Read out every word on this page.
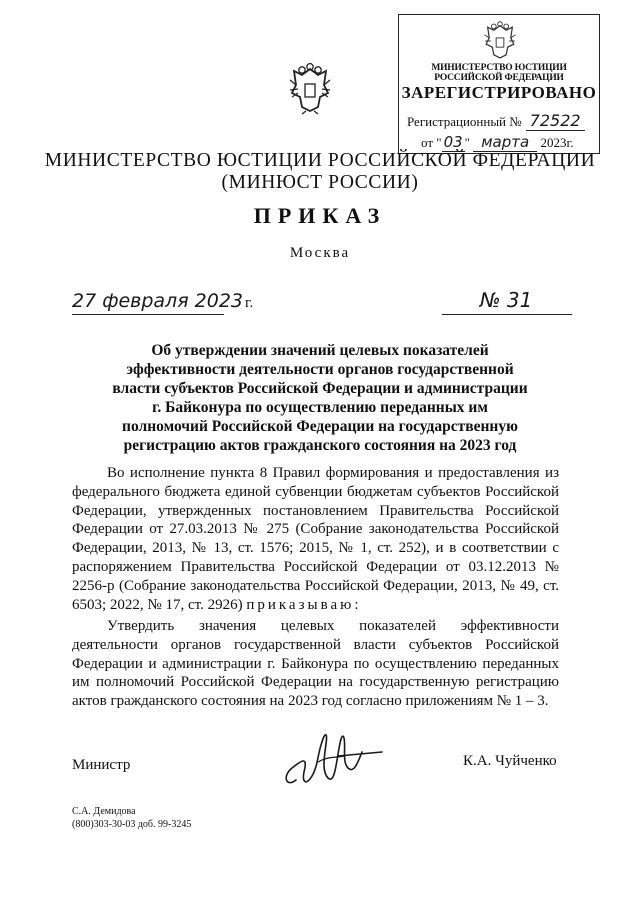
МИНИСТЕРСТВО ЮСТИЦИИ РОССИЙСКОЙ ФЕДЕРАЦИИ
ЗАРЕГИСТРИРОВАНО
Регистрационный № 72522
от " 03 " марта 2023г.
МИНИСТЕРСТВО ЮСТИЦИИ РОССИЙСКОЙ ФЕДЕРАЦИИ
(МИНЮСТ РОССИИ)
ПРИКАЗ
Москва
27 февраля 2023 г.	№ 31
Об утверждении значений целевых показателей эффективности деятельности органов государственной власти субъектов Российской Федерации и администрации г. Байконура по осуществлению переданных им полномочий Российской Федерации на государственную регистрацию актов гражданского состояния на 2023 год
Во исполнение пункта 8 Правил формирования и предоставления из федерального бюджета единой субвенции бюджетам субъектов Российской Федерации, утвержденных постановлением Правительства Российской Федерации от 27.03.2013 № 275 (Собрание законодательства Российской Федерации, 2013, № 13, ст. 1576; 2015, № 1, ст. 252), и в соответствии с распоряжением Правительства Российской Федерации от 03.12.2013 № 2256-р (Собрание законодательства Российской Федерации, 2013, № 49, ст. 6503; 2022, № 17, ст. 2926) приказываю:
Утвердить значения целевых показателей эффективности деятельности органов государственной власти субъектов Российской Федерации и администрации г. Байконура по осуществлению переданных им полномочий Российской Федерации на государственную регистрацию актов гражданского состояния на 2023 год согласно приложениям № 1 – 3.
Министр	К.А. Чуйченко
С.А. Демидова
(800)303-30-03 доб. 99-3245
